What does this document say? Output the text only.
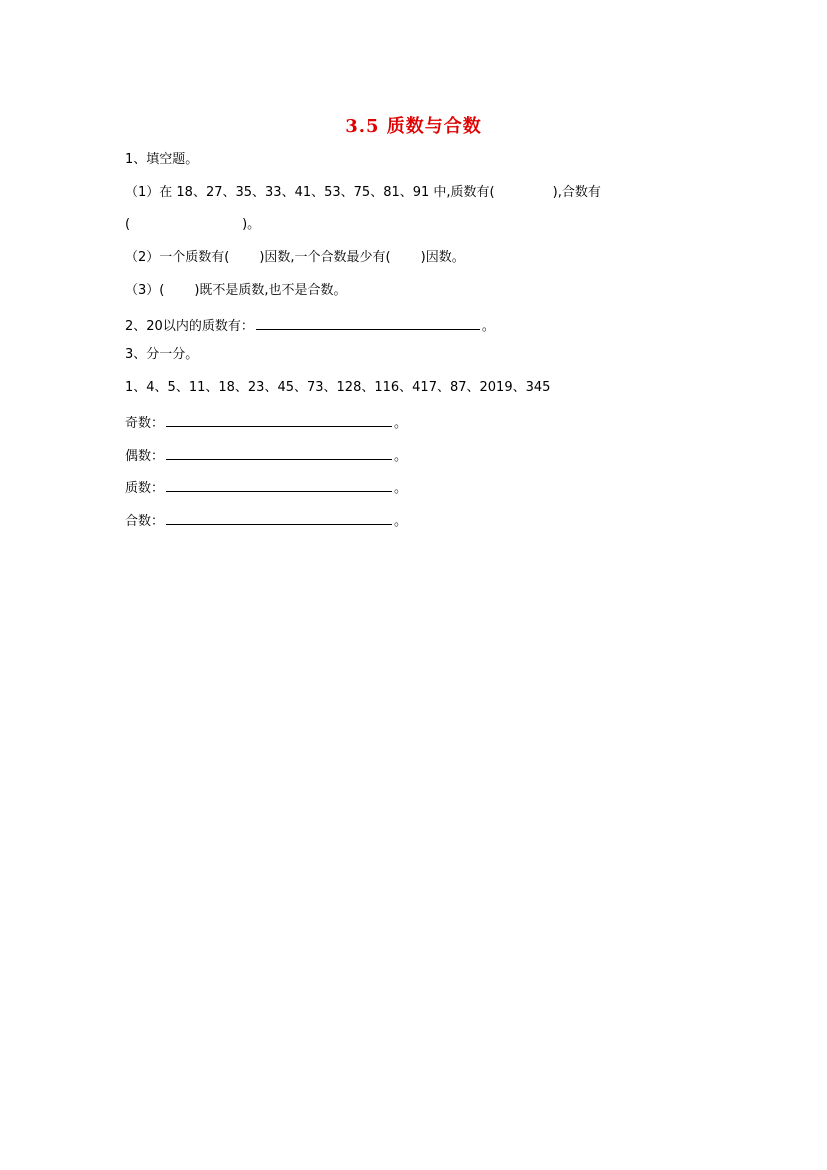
3.5 质数与合数
1、填空题。
（1）在 18、27、35、33、41、53、75、81、91 中,质数有(	),合数有
(	)。
（2）一个质数有( )因数,一个合数最少有( )因数。
（3）( )既不是质数,也不是合数。
2、20以内的质数有：	。
3、分一分。
1、4、5、11、18、23、45、73、128、116、417、87、2019、345
奇数：	。
偶数：	。
质数：	。
合数：	。
